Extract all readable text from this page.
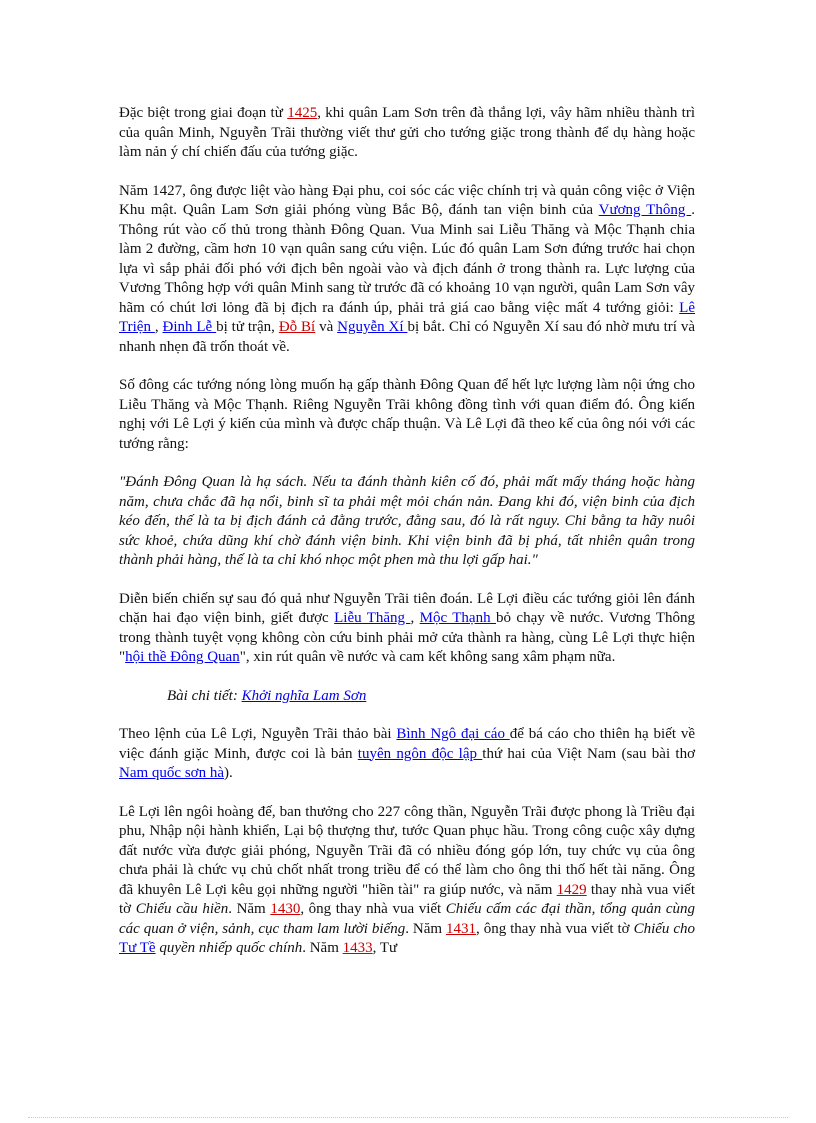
Đặc biệt trong giai đoạn từ 1425, khi quân Lam Sơn trên đà thắng lợi, vây hãm nhiều thành trì của quân Minh, Nguyễn Trãi thường viết thư gửi cho tướng giặc trong thành để dụ hàng hoặc làm nản ý chí chiến đấu của tướng giặc.

Năm 1427, ông được liệt vào hàng Đại phu, coi sóc các việc chính trị và quản công việc ở Viện Khu mật. Quân Lam Sơn giải phóng vùng Bắc Bộ, đánh tan viện binh của Vương Thông . Thông rút vào cố thủ trong thành Đông Quan. Vua Minh sai Liễu Thăng và Mộc Thạnh chia làm 2 đường, cầm hơn 10 vạn quân sang cứu viện. Lúc đó quân Lam Sơn đứng trước hai chọn lựa vì sắp phải đối phó với địch bên ngoài vào và địch đánh ở trong thành ra. Lực lượng của Vương Thông hợp với quân Minh sang từ trước đã có khoảng 10 vạn người, quân Lam Sơn vây hãm có chút lơi lỏng đã bị địch ra đánh úp, phải trả giá cao bằng việc mất 4 tướng giỏi: Lê Triện , Đinh Lễ bị tử trận, Đỗ Bí và Nguyễn Xí bị bắt. Chỉ có Nguyễn Xí sau đó nhờ mưu trí và nhanh nhẹn đã trốn thoát về.

Số đông các tướng nóng lòng muốn hạ gấp thành Đông Quan để hết lực lượng làm nội ứng cho Liễu Thăng và Mộc Thạnh. Riêng Nguyễn Trãi không đồng tình với quan điểm đó. Ông kiến nghị với Lê Lợi ý kiến của mình và được chấp thuận. Và Lê Lợi đã theo kế của ông nói với các tướng rằng:

"Đánh Đông Quan là hạ sách. Nếu ta đánh thành kiên cố đó, phải mất mấy tháng hoặc hàng năm, chưa chắc đã hạ nổi, binh sĩ ta phải mệt mỏi chán nản. Đang khi đó, viện binh của địch kéo đến, thế là ta bị địch đánh cả đằng trước, đằng sau, đó là rất nguy. Chi bằng ta hãy nuôi sức khoẻ, chứa dũng khí chờ đánh viện binh. Khi viện binh đã bị phá, tất nhiên quân trong thành phải hàng, thế là ta chỉ khó nhọc một phen mà thu lợi gấp hai."

Diễn biến chiến sự sau đó quả như Nguyễn Trãi tiên đoán. Lê Lợi điều các tướng giỏi lên đánh chặn hai đạo viện binh, giết được Liễu Thăng , Mộc Thạnh bỏ chạy về nước. Vương Thông trong thành tuyệt vọng không còn cứu binh phải mở cửa thành ra hàng, cùng Lê Lợi thực hiện "hội thề Đông Quan", xin rút quân về nước và cam kết không sang xâm phạm nữa.

Bài chi tiết: Khởi nghĩa Lam Sơn

Theo lệnh của Lê Lợi, Nguyễn Trãi thảo bài Bình Ngô đại cáo để bá cáo cho thiên hạ biết về việc đánh giặc Minh, được coi là bản tuyên ngôn độc lập thứ hai của Việt Nam (sau bài thơ Nam quốc sơn hà).

Lê Lợi lên ngôi hoàng đế, ban thưởng cho 227 công thần, Nguyễn Trãi được phong là Triều đại phu, Nhập nội hành khiển, Lại bộ thượng thư, tước Quan phục hầu. Trong công cuộc xây dựng đất nước vừa được giải phóng, Nguyễn Trãi đã có nhiều đóng góp lớn, tuy chức vụ của ông chưa phải là chức vụ chủ chốt nhất trong triều để có thể làm cho ông thi thố hết tài năng. Ông đã khuyên Lê Lợi kêu gọi những người "hiền tài" ra giúp nước, và năm 1429 thay nhà vua viết tờ Chiếu cầu hiền. Năm 1430, ông thay nhà vua viết Chiếu cấm các đại thần, tổng quản cùng các quan ở viện, sảnh, cục tham lam lười biếng. Năm 1431, ông thay nhà vua viết tờ Chiếu cho Tư Tề quyền nhiếp quốc chính. Năm 1433, Tư
